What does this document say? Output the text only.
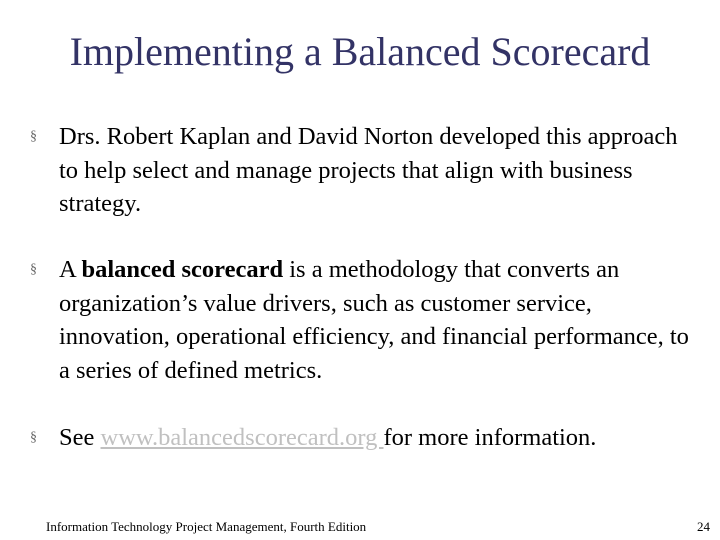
Implementing a Balanced Scorecard
§ Drs. Robert Kaplan and David Norton developed this approach to help select and manage projects that align with business strategy.
§ A balanced scorecard is a methodology that converts an organization’s value drivers, such as customer service, innovation, operational efficiency, and financial performance, to a series of defined metrics.
§ See www.balancedscorecard.org for more information.
Information Technology Project Management, Fourth Edition	24
